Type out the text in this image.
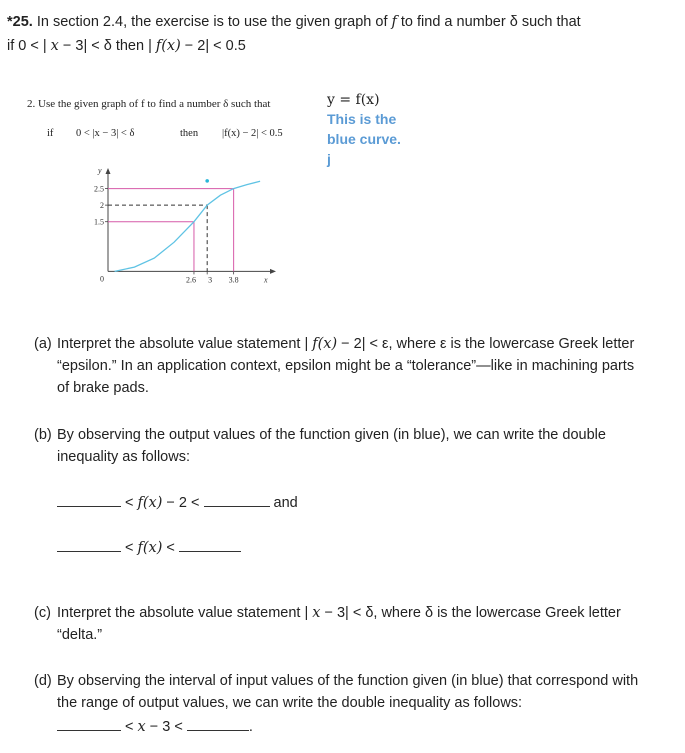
*25. In section 2.4, the exercise is to use the given graph of f to find a number δ such that
if 0 < | x − 3| < δ then | f(x) − 2| < 0.5
2. Use the given graph of f to find a number δ such that
if 0 < |x − 3| < δ	then |f(x) − 2| < 0.5
y = f(x)
This is the
blue curve.
j
2.6 3 3.8
2.5
2
1.5
0	x
y
(a) Interpret the absolute value statement | f(x) − 2| < ε, where ε is the lowercase Greek letter “epsilon.” In an application context, epsilon might be a “tolerance”—like in machining parts of brake pads.
(b) By observing the output values of the function given (in blue), we can write the double inequality as follows:
< f(x) − 2 <	and
< f(x) <
(c) Interpret the absolute value statement | x − 3| < δ, where δ is the lowercase Greek letter “delta.”
(d) By observing the interval of input values of the function given (in blue) that correspond with the range of output values, we can write the double inequality as follows:
< x − 3 <	.
